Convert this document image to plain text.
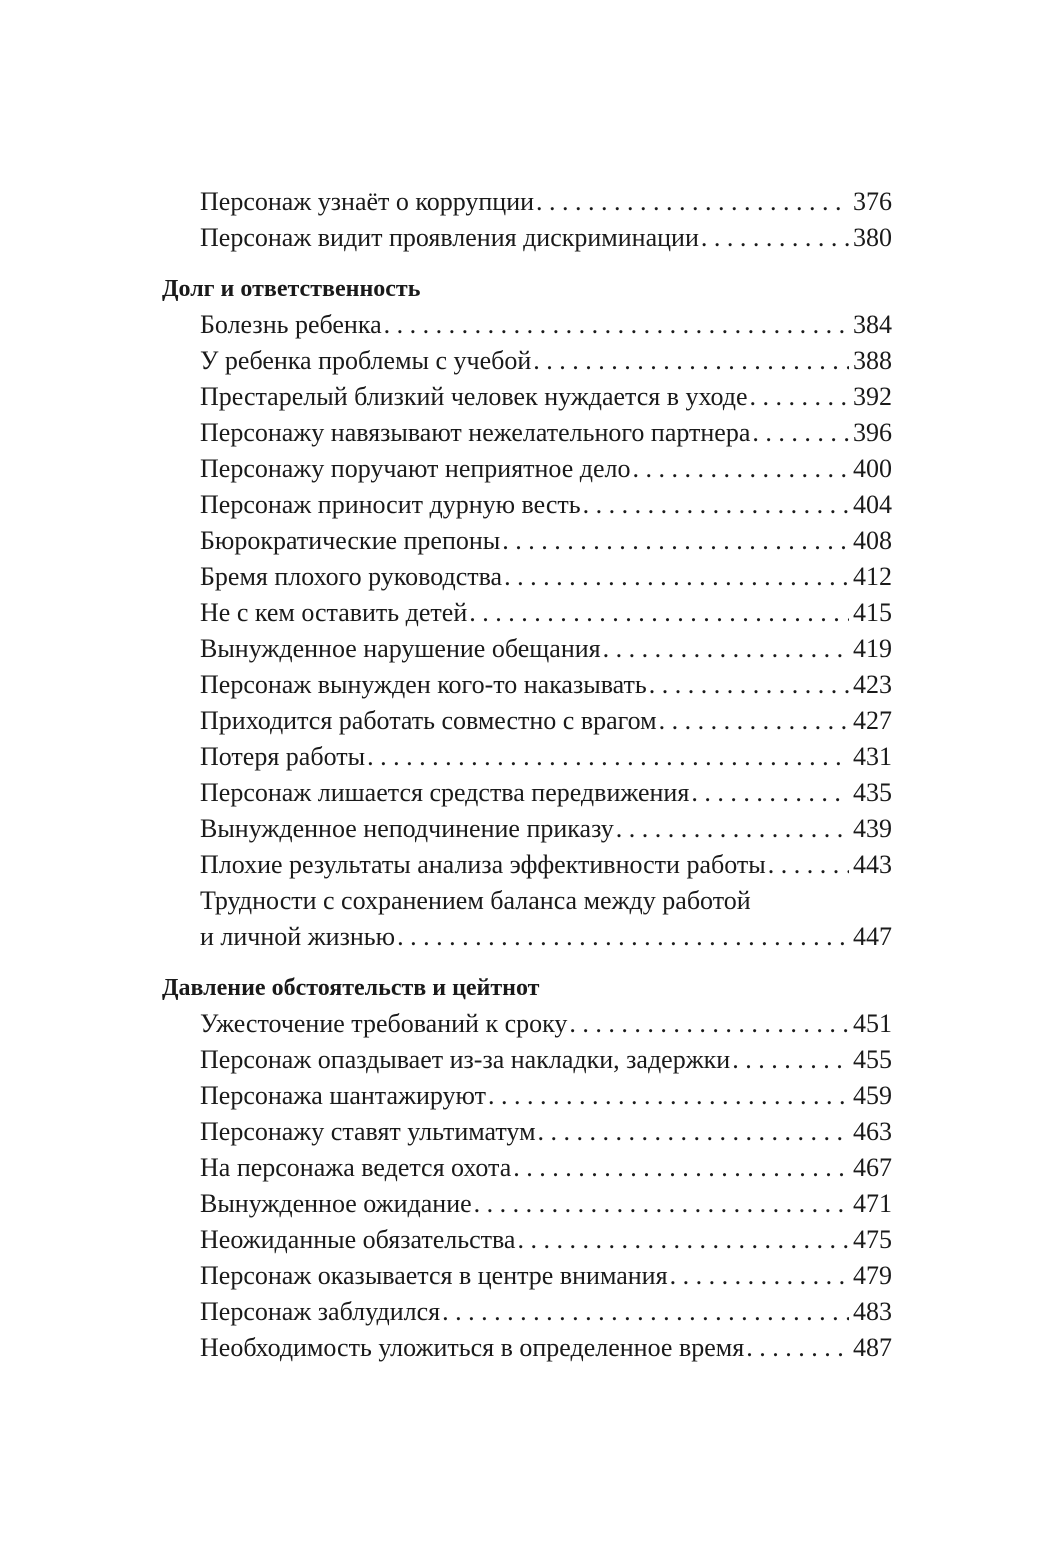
Персонаж узнаёт о коррупции . . .	376
Персонаж видит проявления дискриминации . . .	380
Долг и ответственность
Болезнь ребенка . . .	384
У ребенка проблемы с учебой . . .	388
Престарелый близкий человек нуждается в уходе . . .	392
Персонажу навязывают нежелательного партнера . . .	396
Персонажу поручают неприятное дело . . .	400
Персонаж приносит дурную весть . . .	404
Бюрократические препоны . . .	408
Бремя плохого руководства . . .	412
Не с кем оставить детей . . .	415
Вынужденное нарушение обещания . . .	419
Персонаж вынужден кого-то наказывать . . .	423
Приходится работать совместно с врагом . . .	427
Потеря работы . . .	431
Персонаж лишается средства передвижения . . .	435
Вынужденное неподчинение приказу . . .	439
Плохие результаты анализа эффективности работы . . .	443
Трудности с сохранением баланса между работой
и личной жизнью . . .	447
Давление обстоятельств и цейтнот
Ужесточение требований к сроку . . .	451
Персонаж опаздывает из-за накладки, задержки . . .	455
Персонажа шантажируют . . .	459
Персонажу ставят ультиматум . . .	463
На персонажа ведется охота . . .	467
Вынужденное ожидание . . .	471
Неожиданные обязательства . . .	475
Персонаж оказывается в центре внимания . . .	479
Персонаж заблудился . . .	483
Необходимость уложиться в определенное время . . .	487
